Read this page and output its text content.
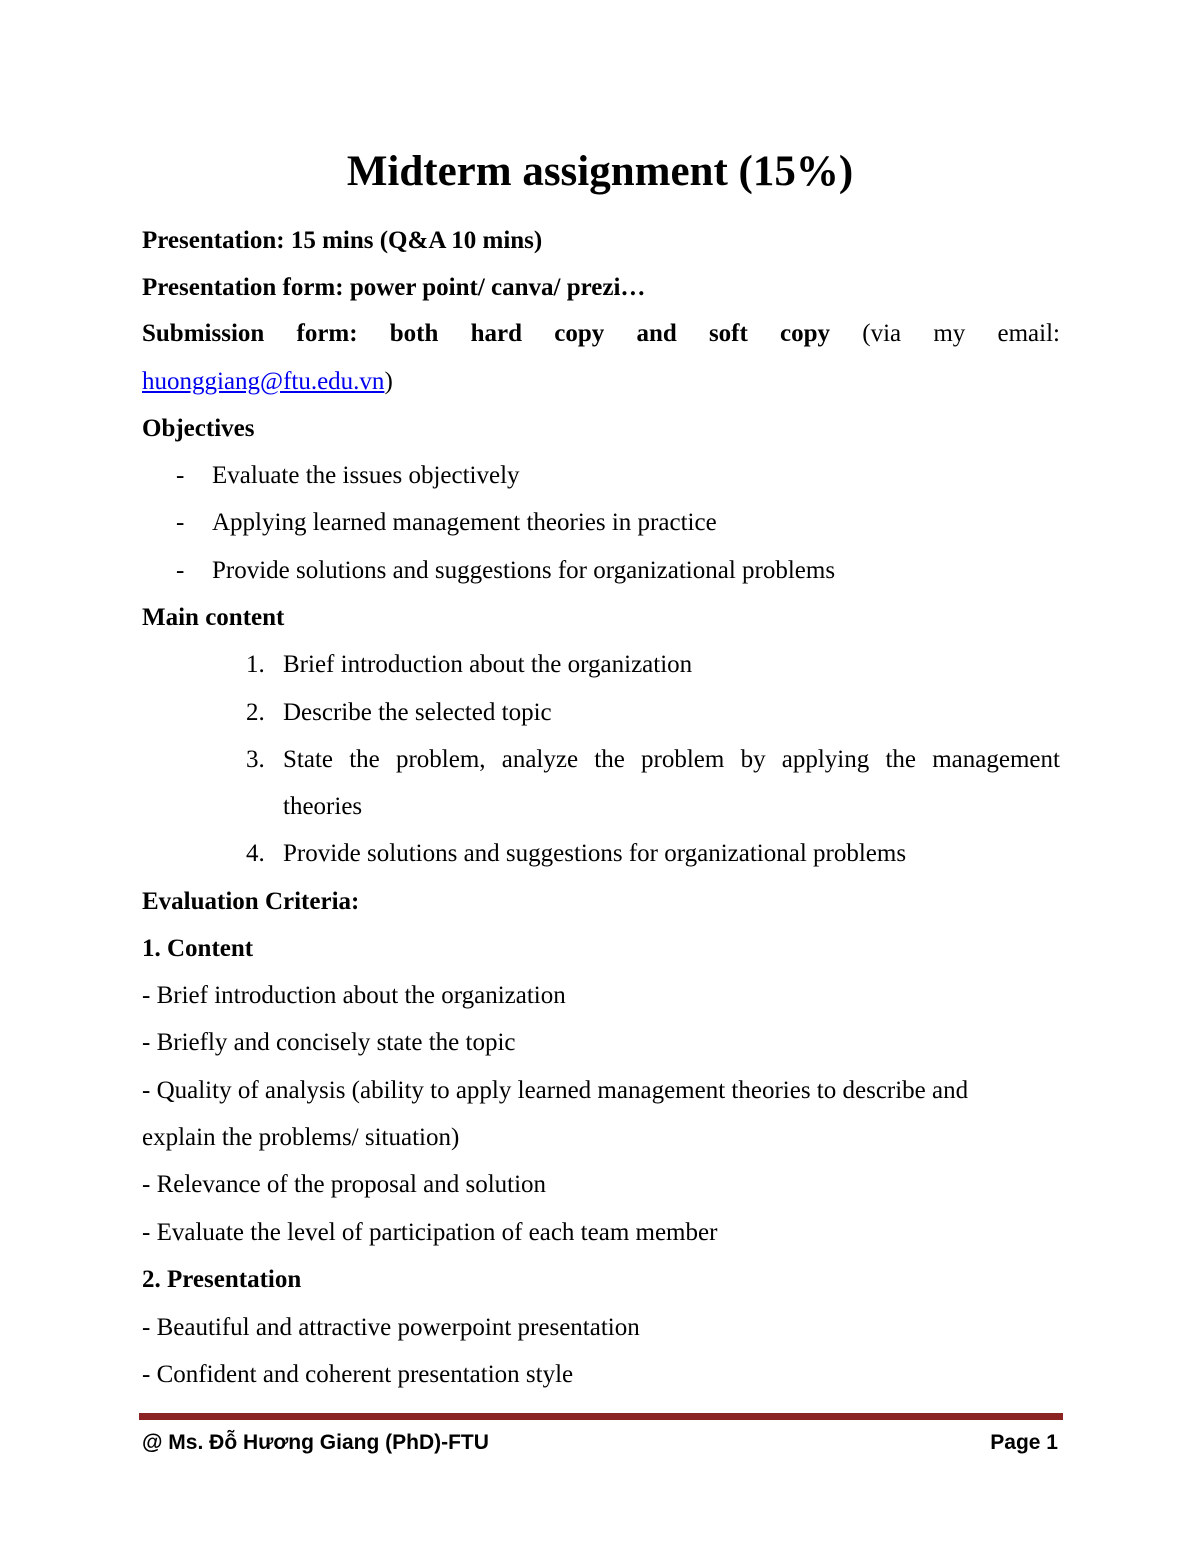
Midterm assignment (15%)

Presentation: 15 mins (Q&A 10 mins)

Presentation form: power point/ canva/ prezi…

Submission form: both hard copy and soft copy (via my email:

huonggiang@ftu.edu.vn)

Objectives

- Evaluate the issues objectively
- Applying learned management theories in practice
- Provide solutions and suggestions for organizational problems

Main content

1. Brief introduction about the organization
2. Describe the selected topic
3. State the problem, analyze the problem by applying the management
theories
4. Provide solutions and suggestions for organizational problems

Evaluation Criteria:

1. Content

- Brief introduction about the organization

- Briefly and concisely state the topic

- Quality of analysis (ability to apply learned management theories to describe and

explain the problems/ situation)

- Relevance of the proposal and solution

- Evaluate the level of participation of each team member

2. Presentation

- Beautiful and attractive powerpoint presentation

- Confident and coherent presentation style

@ Ms. Đỗ Hương Giang (PhD)-FTU	Page 1
